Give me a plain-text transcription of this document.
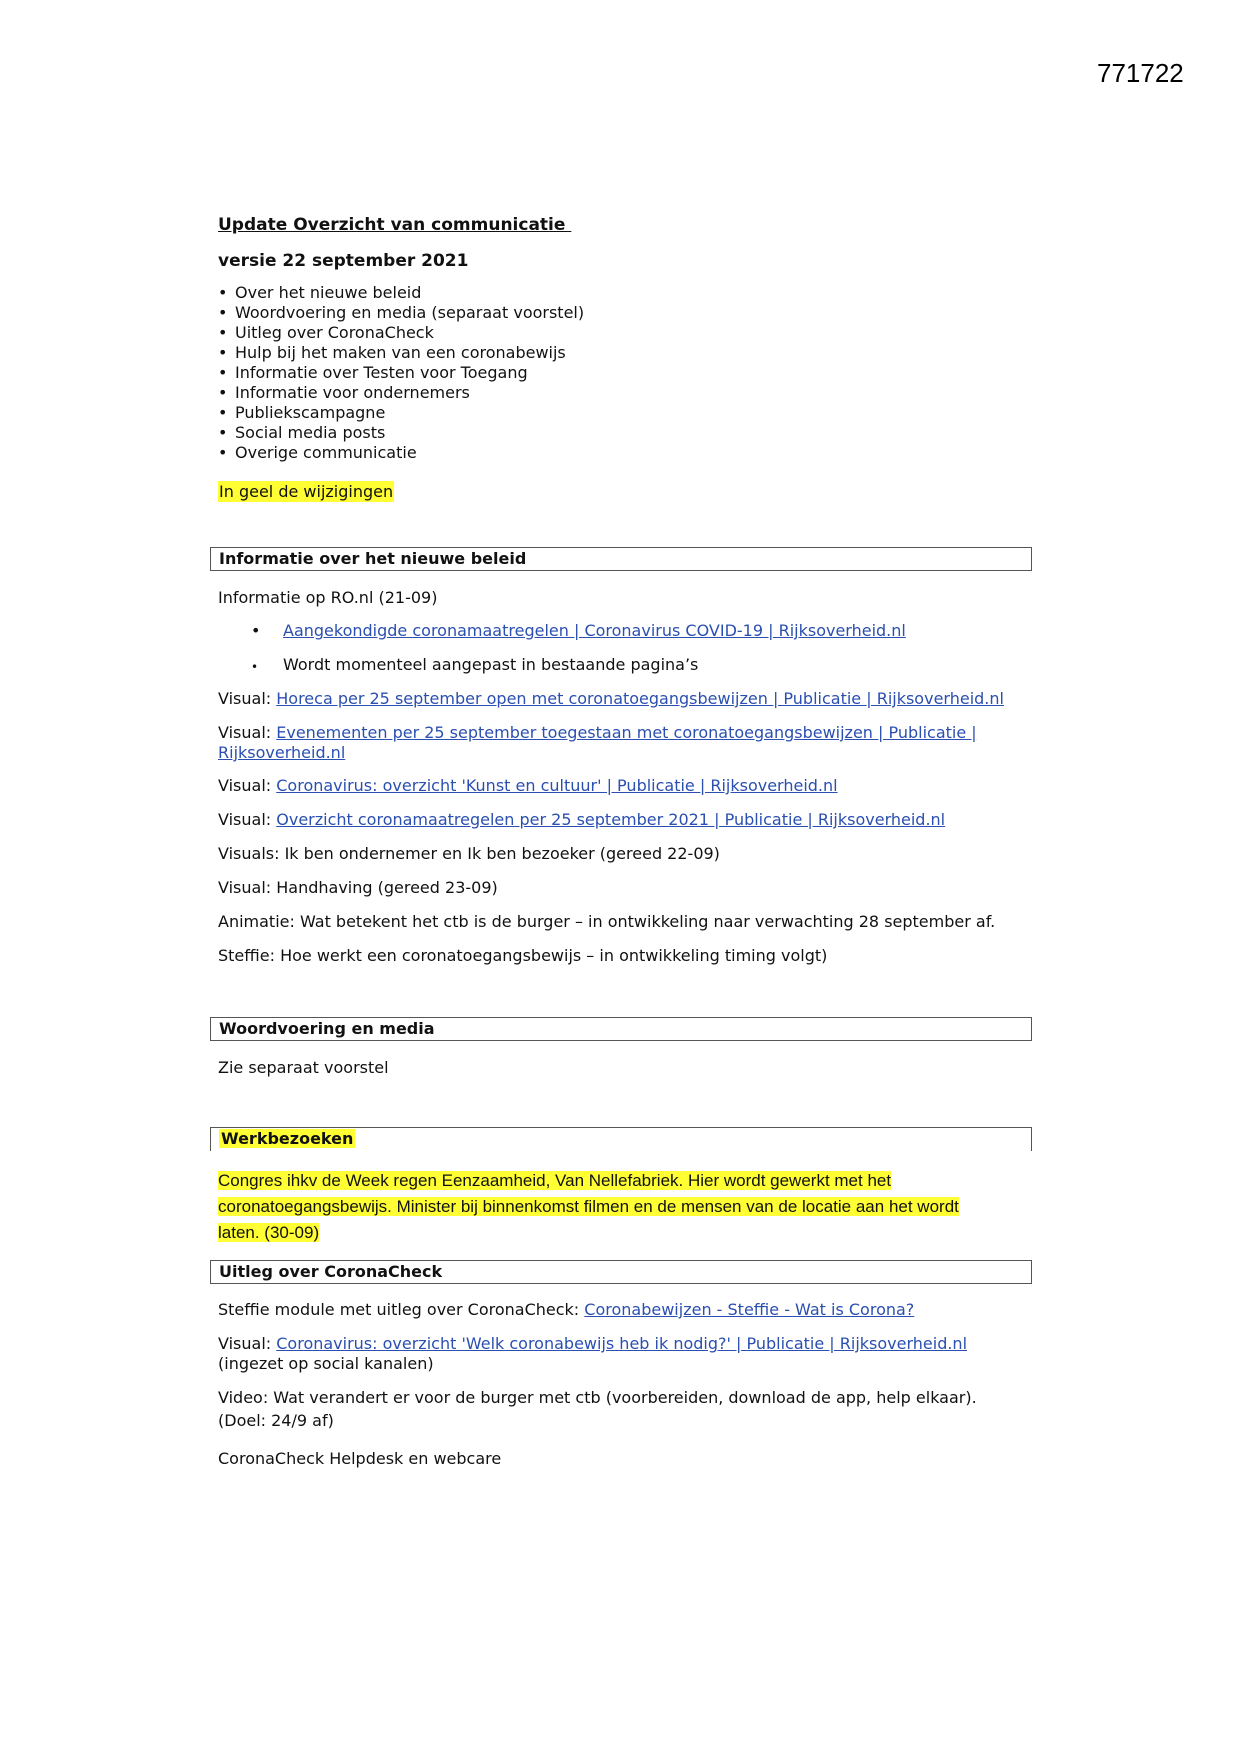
771722
Update Overzicht van communicatie
versie 22 september 2021
• Over het nieuwe beleid
• Woordvoering en media (separaat voorstel)
• Uitleg over CoronaCheck
• Hulp bij het maken van een coronabewijs
• Informatie over Testen voor Toegang
• Informatie voor ondernemers
• Publiekscampagne
• Social media posts
• Overige communicatie
In geel de wijzigingen
Informatie over het nieuwe beleid
Informatie op RO.nl (21-09)
• Aangekondigde coronamaatregelen | Coronavirus COVID-19 | Rijksoverheid.nl
• Wordt momenteel aangepast in bestaande pagina’s
Visual: Horeca per 25 september open met coronatoegangsbewijzen | Publicatie | Rijksoverheid.nl
Visual: Evenementen per 25 september toegestaan met coronatoegangsbewijzen | Publicatie | Rijksoverheid.nl
Visual: Coronavirus: overzicht 'Kunst en cultuur' | Publicatie | Rijksoverheid.nl
Visual: Overzicht coronamaatregelen per 25 september 2021 | Publicatie | Rijksoverheid.nl
Visuals: Ik ben ondernemer en Ik ben bezoeker (gereed 22-09)
Visual: Handhaving (gereed 23-09)
Animatie: Wat betekent het ctb is de burger – in ontwikkeling naar verwachting 28 september af.
Steffie: Hoe werkt een coronatoegangsbewijs – in ontwikkeling timing volgt)
Woordvoering en media
Zie separaat voorstel
Werkbezoeken
Congres ihkv de Week regen Eenzaamheid, Van Nellefabriek. Hier wordt gewerkt met het
coronatoegangsbewijs. Minister bij binnenkomst filmen en de mensen van de locatie aan het wordt
laten. (30-09)
Uitleg over CoronaCheck
Steffie module met uitleg over CoronaCheck: Coronabewijzen - Steffie - Wat is Corona?
Visual: Coronavirus: overzicht 'Welk coronabewijs heb ik nodig?' | Publicatie | Rijksoverheid.nl
(ingezet op social kanalen)
Video: Wat verandert er voor de burger met ctb (voorbereiden, download de app, help elkaar).
(Doel: 24/9 af)
CoronaCheck Helpdesk en webcare
